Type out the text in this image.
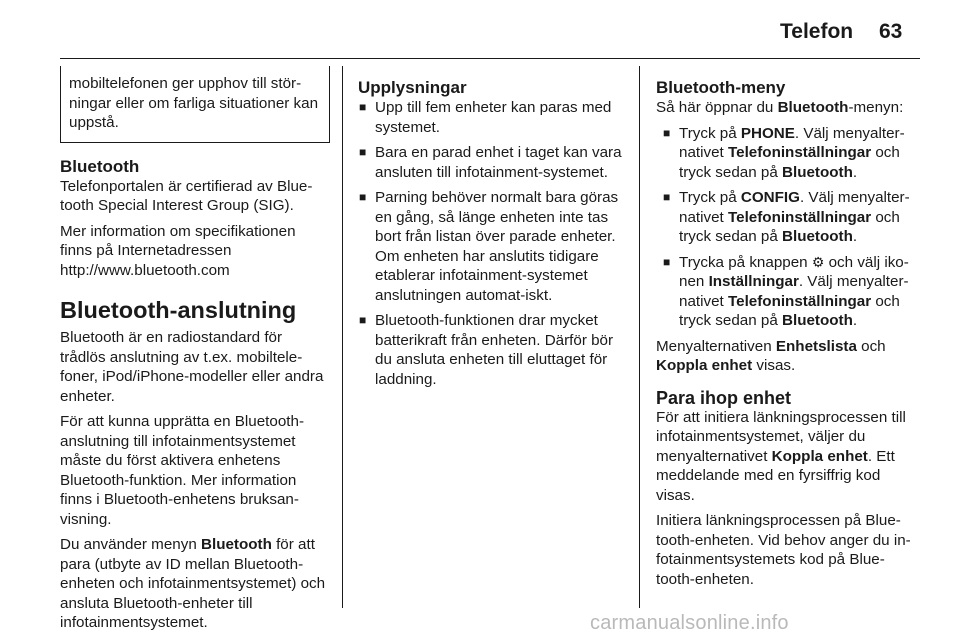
Telefon 63
mobiltelefonen ger upphov till stör-ningar eller om farliga situationer kan uppstå.
Bluetooth

Telefonportalen är certifierad av Blue-tooth Special Interest Group (SIG).

Mer information om specifikationen finns på Internetadressen
http://www.bluetooth.com

Bluetooth-anslutning

Bluetooth är en radiostandard för trådlös anslutning av t.ex. mobiltele-foner, iPod/iPhone-modeller eller andra enheter.

För att kunna upprätta en Bluetooth-anslutning till infotainmentsystemet måste du först aktivera enhetens Bluetooth-funktion. Mer information finns i Bluetooth-enhetens bruksan-visning.

Du använder menyn Bluetooth för att para (utbyte av ID mellan Bluetooth-enheten och infotainmentsystemet) och ansluta Bluetooth-enheter till infotainmentsystemet.

Upplysningar
■ Upp till fem enheter kan paras med systemet.
■ Bara en parad enhet i taget kan vara ansluten till infotainment-systemet.
■ Parning behöver normalt bara göras en gång, så länge enheten inte tas bort från listan över parade enheter. Om enheten har anslutits tidigare etablerar infotainment-systemet anslutningen automat-iskt.
■ Bluetooth-funktionen drar mycket batterikraft från enheten. Därför bör du ansluta enheten till eluttaget för laddning.
Bluetooth-meny

Så här öppnar du Bluetooth-menyn:

■ Tryck på PHONE. Välj menyalter-nativet Telefoninställningar och tryck sedan på Bluetooth.
■ Tryck på CONFIG. Välj menyalter-nativet Telefoninställningar och tryck sedan på Bluetooth.
■ Trycka på knappen ⚙ och välj iko-nen Inställningar. Välj menyalter-nativet Telefoninställningar och tryck sedan på Bluetooth.

Menyalternativen Enhetslista och Koppla enhet visas.

Para ihop enhet

För att initiera länkningsprocessen till infotainmentsystemet, väljer du menyalternativet Koppla enhet. Ett meddelande med en fyrsiffrig kod visas.

Initiera länkningsprocessen på Blue-tooth-enheten. Vid behov anger du in-fotainmentsystemets kod på Blue-tooth-enheten.

carmanualsonline.info
